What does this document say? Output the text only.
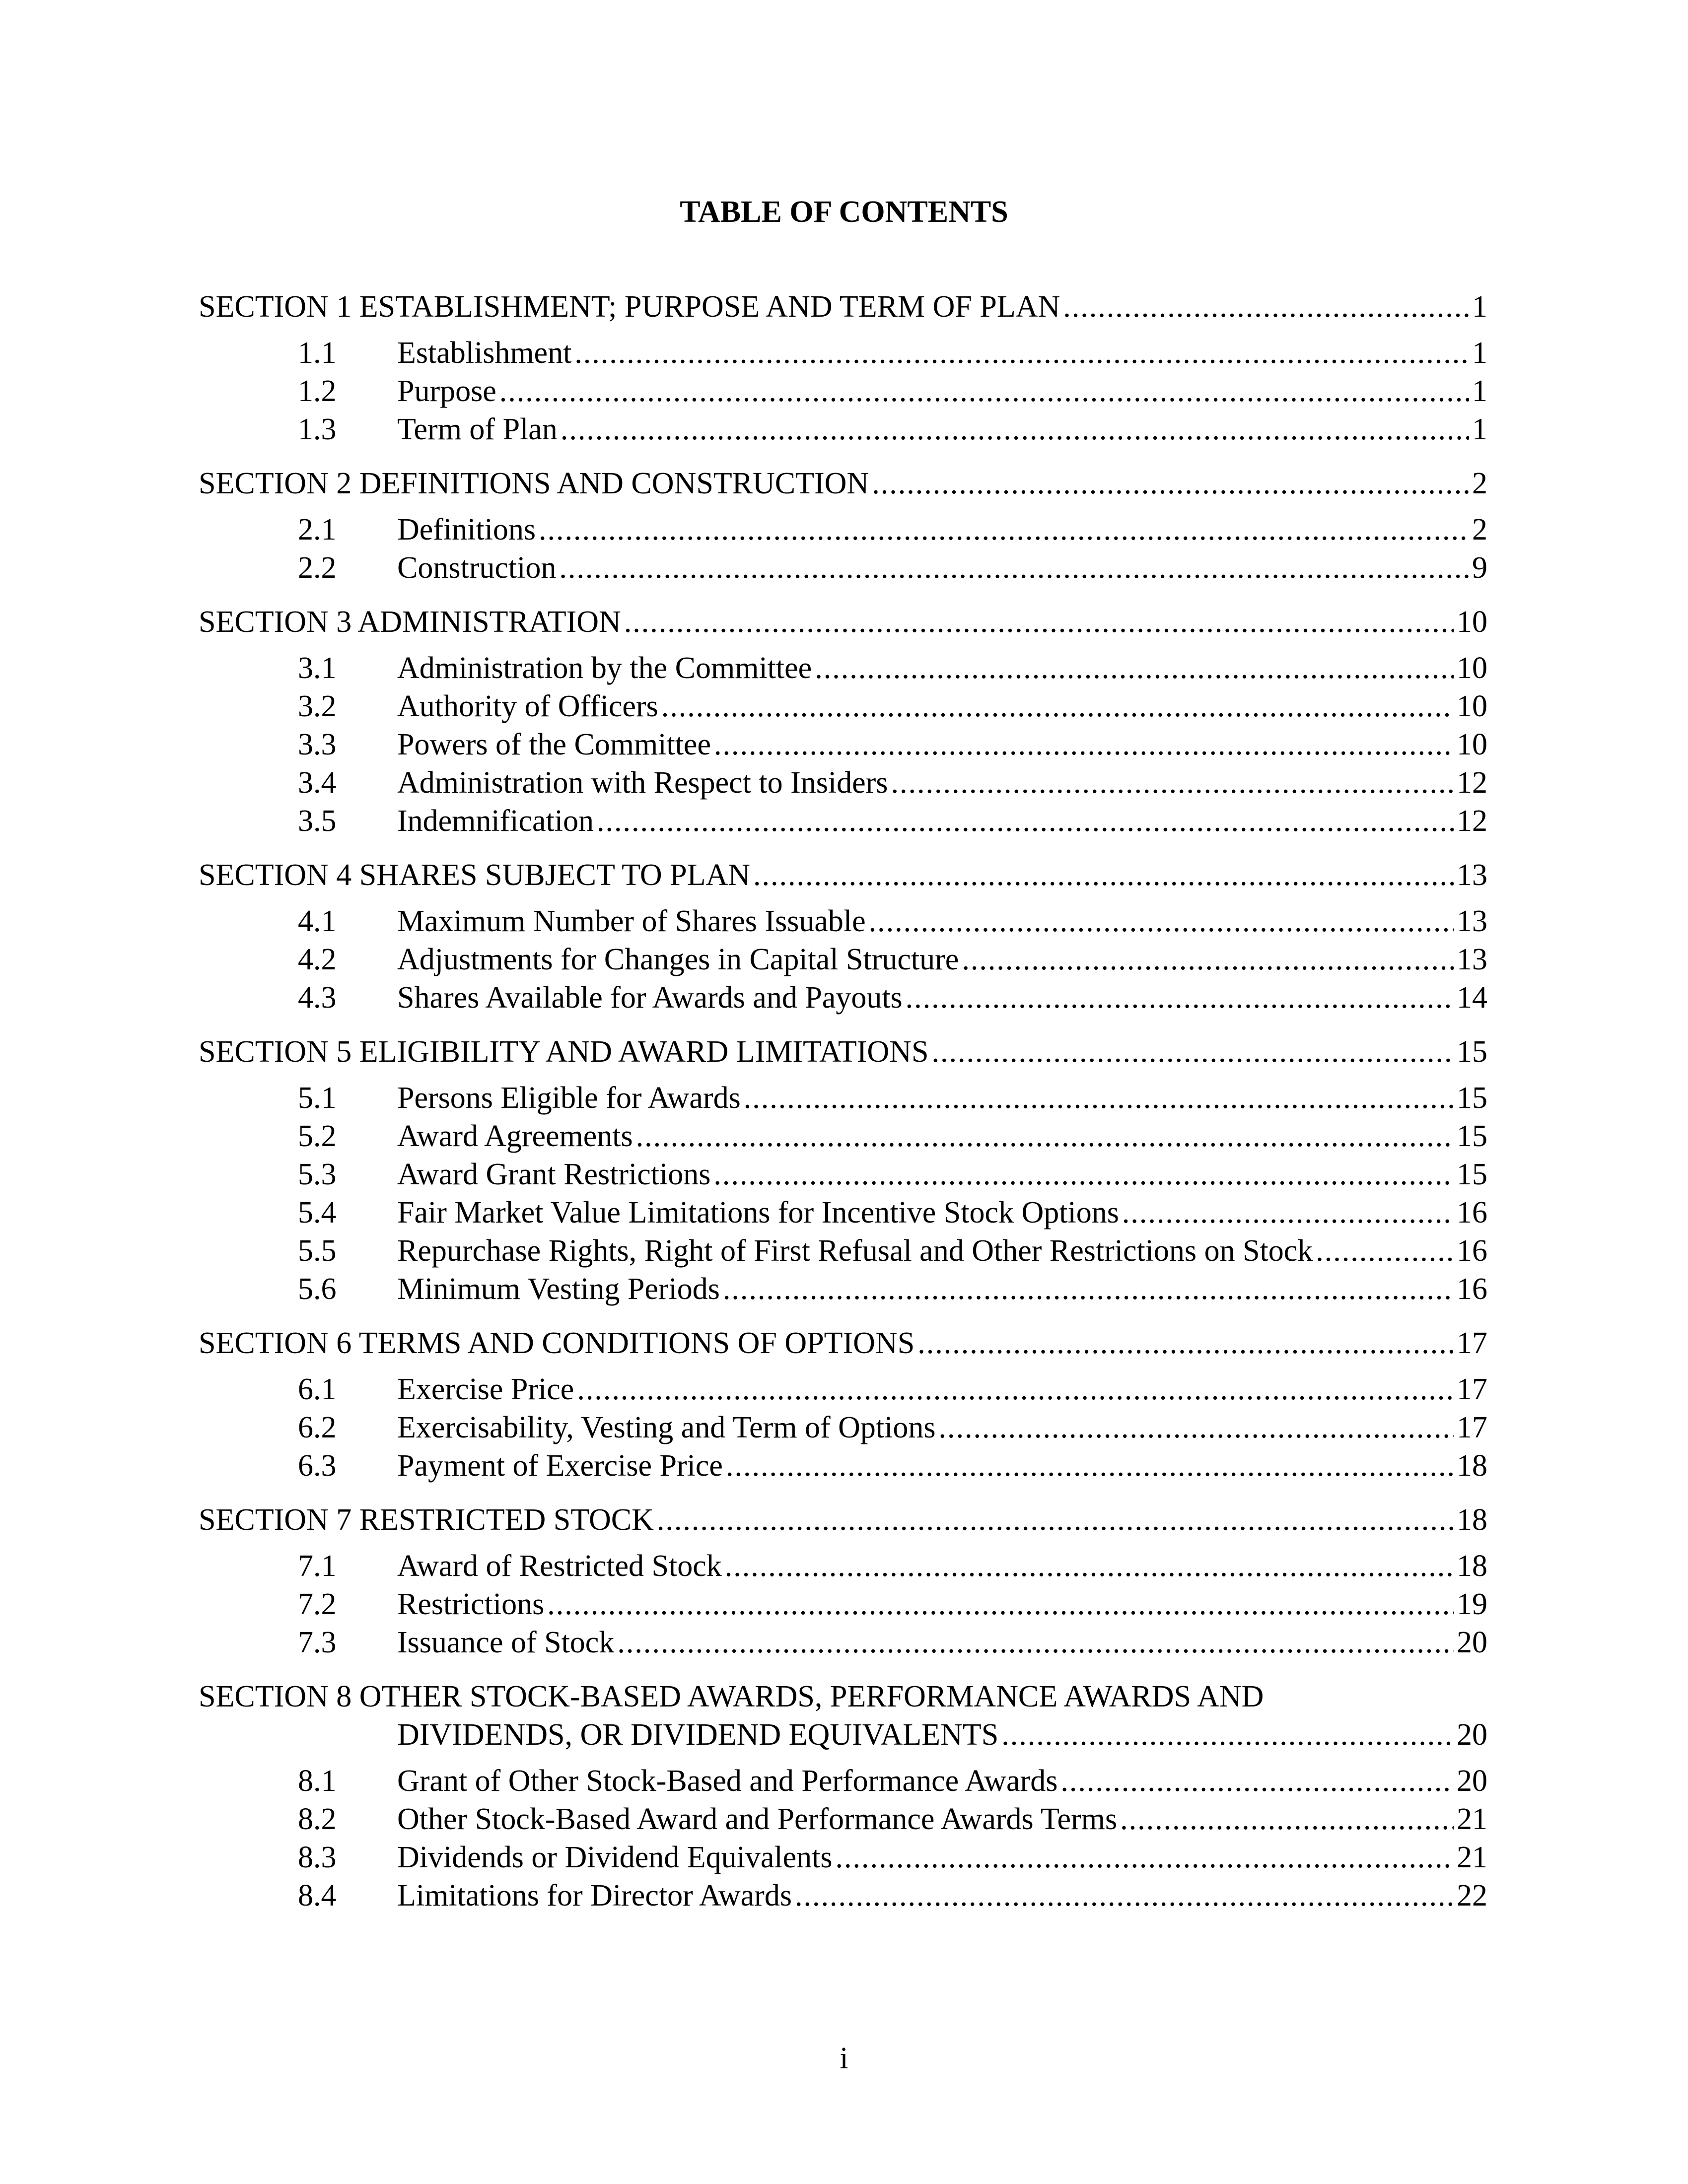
TABLE OF CONTENTS
SECTION 1 ESTABLISHMENT; PURPOSE AND TERM OF PLAN .....	1
1.1	Establishment .....	1
1.2	Purpose .....	1
1.3	Term of Plan .....	1
SECTION 2 DEFINITIONS AND CONSTRUCTION .....	2
2.1	Definitions .....	2
2.2	Construction .....	9
SECTION 3 ADMINISTRATION .....	10
3.1	Administration by the Committee .....	10
3.2	Authority of Officers .....	10
3.3	Powers of the Committee .....	10
3.4	Administration with Respect to Insiders .....	12
3.5	Indemnification .....	12
SECTION 4 SHARES SUBJECT TO PLAN .....	13
4.1	Maximum Number of Shares Issuable .....	13
4.2	Adjustments for Changes in Capital Structure .....	13
4.3	Shares Available for Awards and Payouts .....	14
SECTION 5 ELIGIBILITY AND AWARD LIMITATIONS .....	15
5.1	Persons Eligible for Awards .....	15
5.2	Award Agreements .....	15
5.3	Award Grant Restrictions .....	15
5.4	Fair Market Value Limitations for Incentive Stock Options .....	16
5.5	Repurchase Rights, Right of First Refusal and Other Restrictions on Stock .....	16
5.6	Minimum Vesting Periods .....	16
SECTION 6 TERMS AND CONDITIONS OF OPTIONS .....	17
6.1	Exercise Price .....	17
6.2	Exercisability, Vesting and Term of Options .....	17
6.3	Payment of Exercise Price .....	18
SECTION 7 RESTRICTED STOCK .....	18
7.1	Award of Restricted Stock .....	18
7.2	Restrictions .....	19
7.3	Issuance of Stock .....	20
SECTION 8 OTHER STOCK-BASED AWARDS, PERFORMANCE AWARDS AND
DIVIDENDS, OR DIVIDEND EQUIVALENTS .....	20
8.1	Grant of Other Stock-Based and Performance Awards .....	20
8.2	Other Stock-Based Award and Performance Awards Terms .....	21
8.3	Dividends or Dividend Equivalents .....	21
8.4	Limitations for Director Awards .....	22
i
